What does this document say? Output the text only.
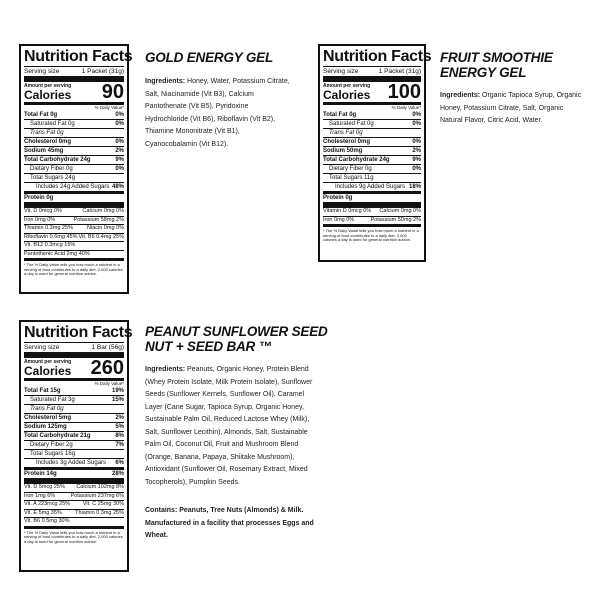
Nutrition Facts
Serving size	1 Packet (31g)
Amount per serving
Calories 90
% Daily Value*
Total Fat 0g	0%
Saturated Fat 0g	0%
Trans Fat 0g
Cholesterol 0mg	0%
Sodium 45mg	2%
Total Carbohydrate 24g	9%
Dietary Fiber 0g	0%
Total Sugars 24g
Includes 24g Added Sugars 48%
Protein 0g
Vit. D 0mcg 0%	Calcium 0mg 0%
Iron 0mg 0%	Potassium 58mg 2%
Thiamin 0.3mg 25%	Niacin 0mg 0%
Riboflavin 0.6mg 45% Vit. B6 0.4mg 25%
Vit. B12 0.3mcg 15%
Pantothenic Acid 2mg 40%
* The % Daily Value tells you how much a nutrient in a serving of food contributes to a daily diet. 2,000 calories a day is used for general nutrition advice.
GOLD ENERGY GEL
Ingredients: Honey, Water, Potassium Citrate, Salt, Niacinamide (Vit B3), Calcium Pantothenate (Vit B5), Pyridoxine Hydrochloride (Vit B6), Riboflavin (Vit B2), Thiamine Mononitrate (Vit B1), Cyanocobalamin (Vit B12).
Nutrition Facts
Serving size	1 Packet (31g)
Amount per serving
Calories 100
% Daily Value*
Total Fat 0g	0%
Saturated Fat 0g	0%
Trans Fat 0g
Cholesterol 0mg	0%
Sodium 50mg	2%
Total Carbohydrate 24g	9%
Dietary Fiber 0g	0%
Total Sugars 11g
Includes 9g Added Sugars 18%
Protein 0g
Vitamin D 0mcg 0%	Calcium 0mg 0%
Iron 0mg 0%	Potassium 50mg 2%
* The % Daily Value tells you how much a nutrient in a serving of food contributes to a daily diet. 2,000 calories a day is used for general nutrition advice.
FRUIT SMOOTHIE
ENERGY GEL
Ingredients: Organic Tapioca Syrup, Organic Honey, Potassium Citrate, Salt, Organic Natural Flavor, Citric Acid, Water.
Nutrition Facts
Serving size	1 Bar (56g)
Amount per serving
Calories 260
% Daily Value*
Total Fat 15g	19%
Saturated Fat 3g	15%
Trans Fat 0g
Cholesterol 5mg	2%
Sodium 125mg	5%
Total Carbohydrate 21g	8%
Dietary Fiber 2g	7%
Total Sugars 16g
Includes 3g Added Sugars 6%
Protein 14g	28%
Vit. D 5mcg 25%	Calcium 102mg 8%
Iron 1mg 6%	Potassium 237mg 6%
Vit. A 223mcg 25%	Vit. C 25mg 30%
Vit. E 5mg 35%	Thiamin 0.3mg 25%
Vit. B6 0.5mg 30%
* The % Daily Value tells you how much a nutrient in a serving of food contributes to a daily diet. 2,000 calories a day is used for general nutrition advice.
PEANUT SUNFLOWER SEED
NUT + SEED BAR ™
Ingredients: Peanuts, Organic Honey, Protein Blend (Whey Protein Isolate, Milk Protein Isolate), Sunflower Seeds (Sunflower Kernels, Sunflower Oil), Caramel Layer (Cane Sugar, Tapioca Syrup, Organic Honey, Sustainable Palm Oil, Reduced Lactose Whey (Milk), Salt, Sunflower Lecithin), Almonds, Salt, Sustainable Palm Oil, Coconut Oil, Fruit and Mushroom Blend (Orange, Banana, Papaya, Shiitake Mushroom), Antioxidant (Sunflower Oil, Rosemary Extract, Mixed Tocopherols), Pumpkin Seeds.
Contains: Peanuts, Tree Nuts (Almonds) & Milk. Manufactured in a facility that processes Eggs and Wheat.
